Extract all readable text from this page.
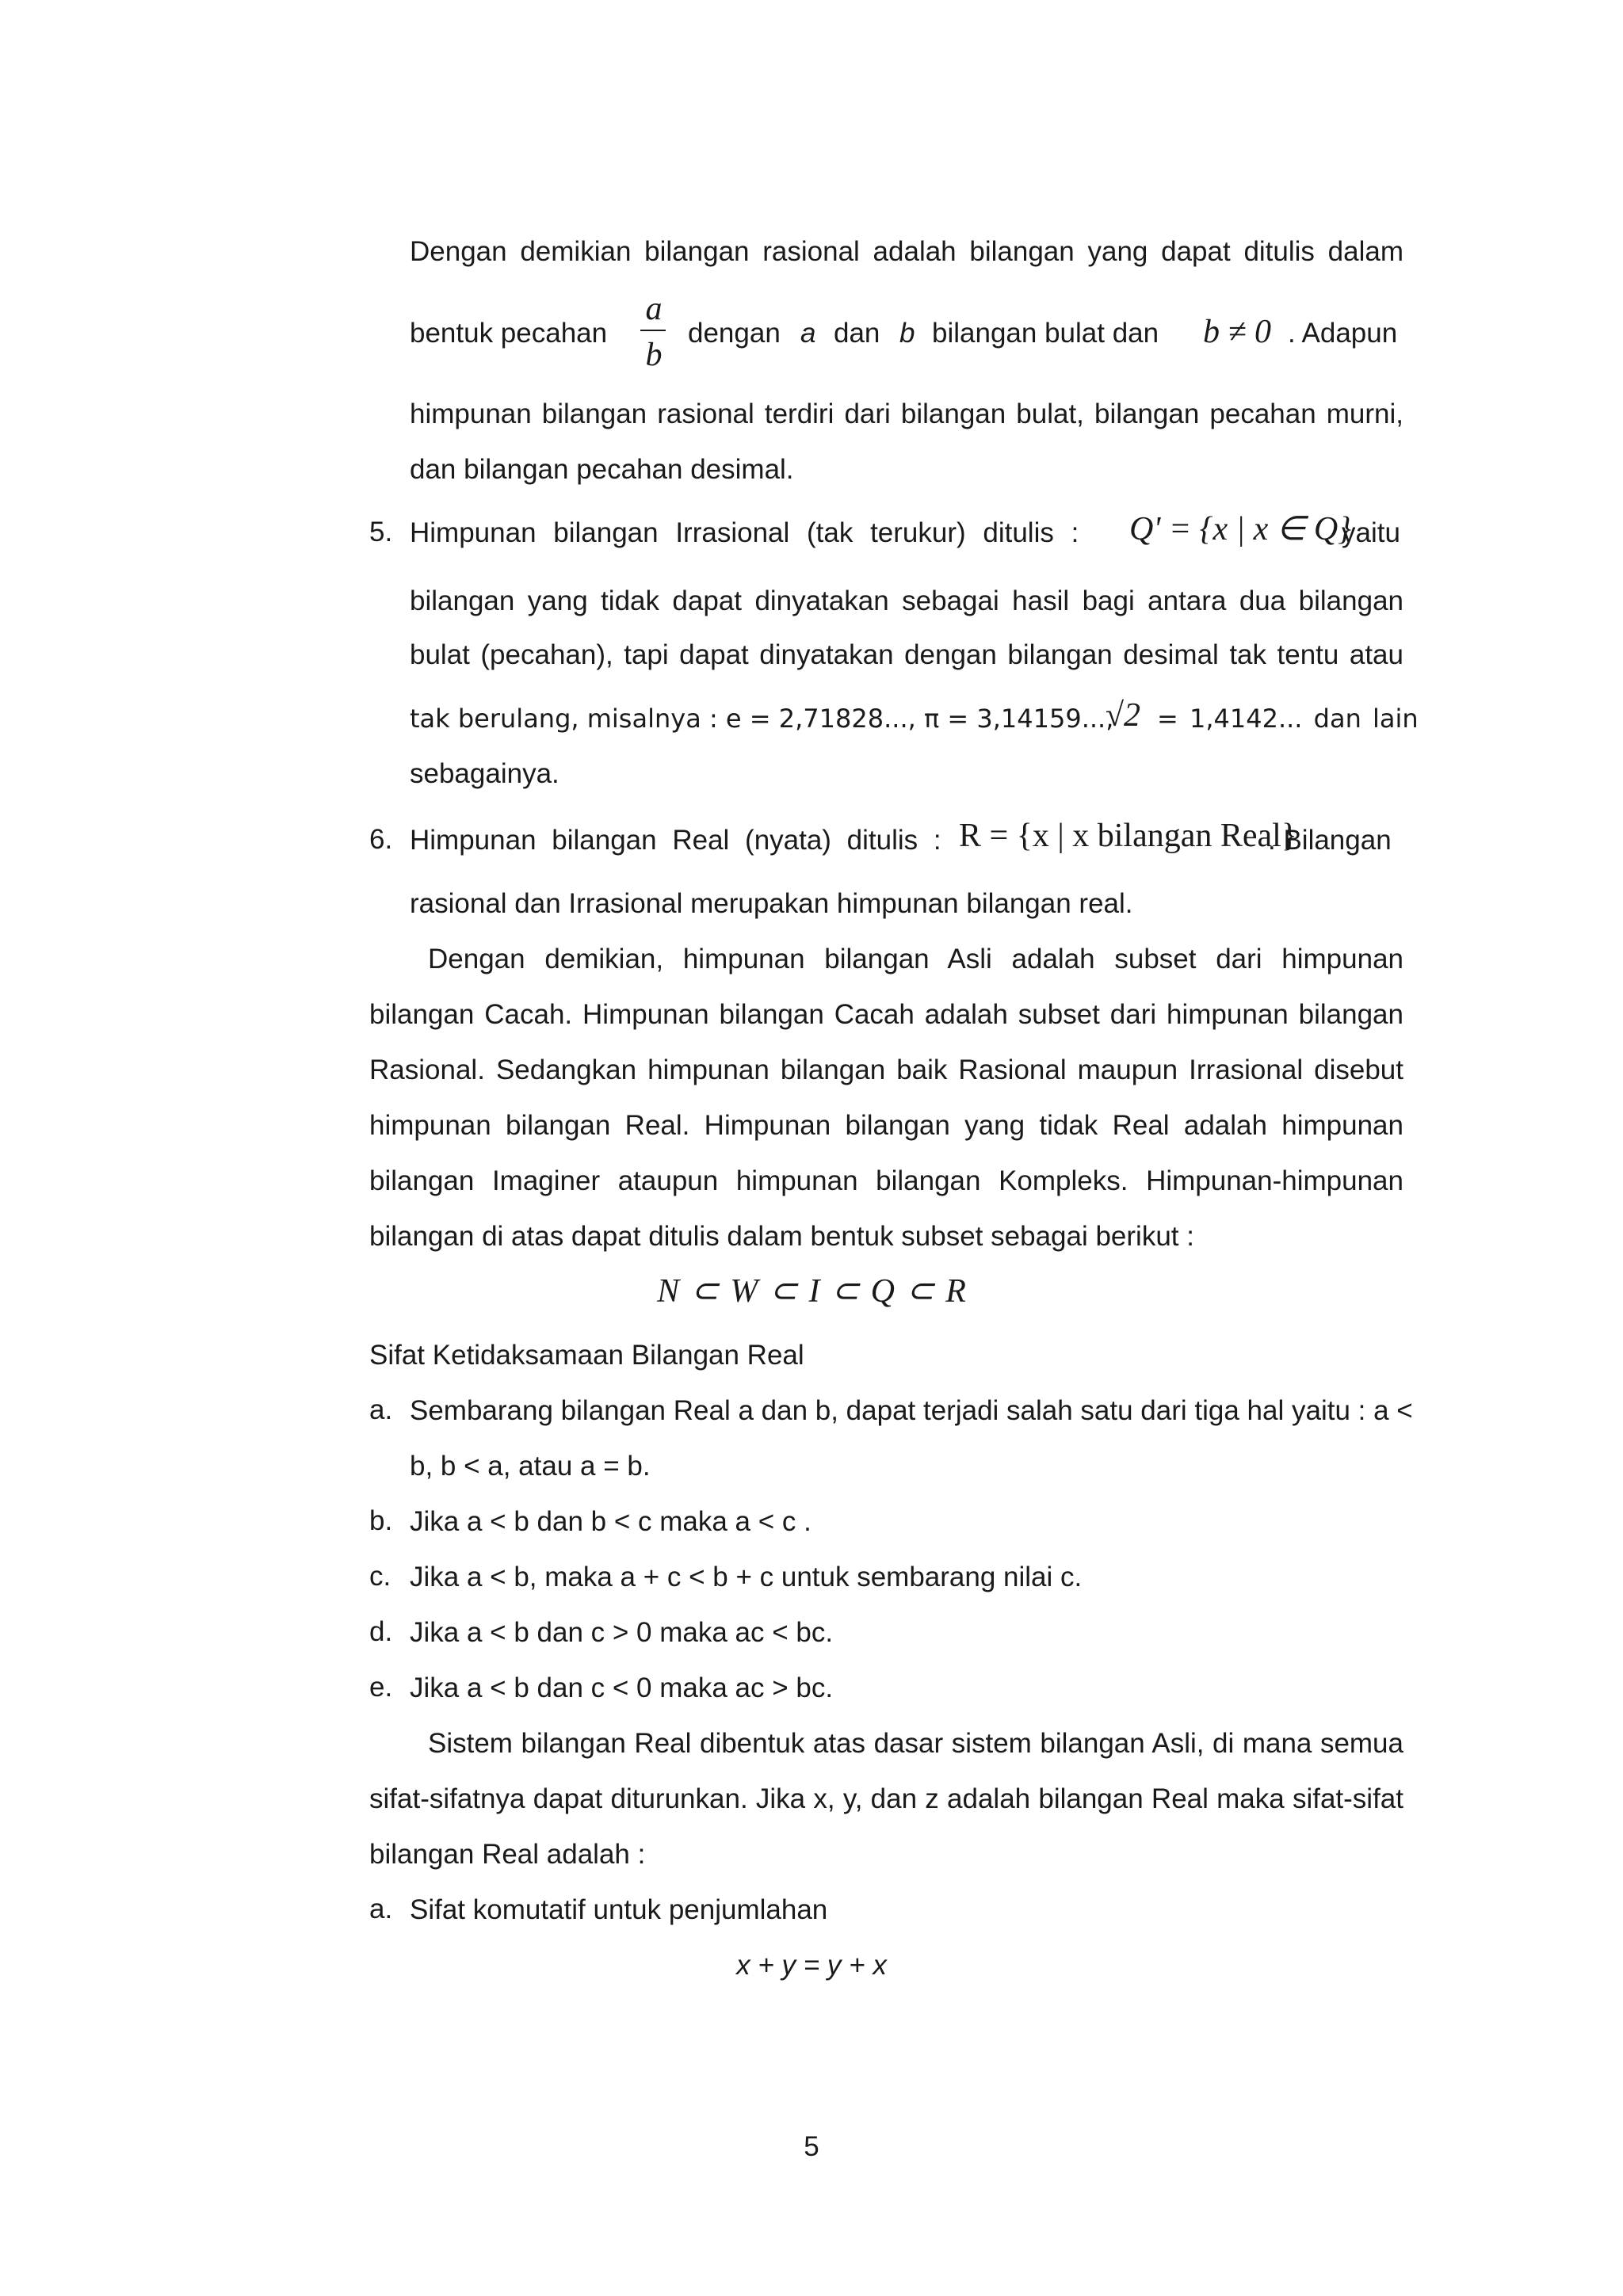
Dengan demikian bilangan rasional adalah bilangan yang dapat ditulis dalam
bentuk pecahan
a
b
dengan a dan b bilangan bulat dan b ≠ 0 . Adapun
himpunan bilangan rasional terdiri dari bilangan bulat, bilangan pecahan murni,
dan bilangan pecahan desimal.
5. Himpunan bilangan Irrasional (tak terukur) ditulis : Q' = {x | x ∈ Q}
yaitu
bilangan yang tidak dapat dinyatakan sebagai hasil bagi antara dua bilangan
bulat (pecahan), tapi dapat dinyatakan dengan bilangan desimal tak tentu atau
tak berulang, misalnya : e = 2,71828..., π = 3,14159...,
√2 = 1,4142... dan lain
sebagainya.
6. Himpunan bilangan Real (nyata) ditulis : R = {x | x bilangan Real}
. Bilangan
rasional dan Irrasional merupakan himpunan bilangan real.
Dengan demikian, himpunan bilangan Asli adalah subset dari himpunan
bilangan Cacah. Himpunan bilangan Cacah adalah subset dari himpunan bilangan
Rasional. Sedangkan himpunan bilangan baik Rasional maupun Irrasional disebut
himpunan bilangan Real. Himpunan bilangan yang tidak Real adalah himpunan
bilangan Imaginer ataupun himpunan bilangan Kompleks. Himpunan-himpunan
bilangan di atas dapat ditulis dalam bentuk subset sebagai berikut :
N ⊂ W ⊂ I ⊂ Q ⊂ R
Sifat Ketidaksamaan Bilangan Real
a. Sembarang bilangan Real a dan b, dapat terjadi salah satu dari tiga hal yaitu : a <
b, b < a, atau a = b.
b. Jika a < b dan b < c maka a < c .
c. Jika a < b, maka a + c < b + c untuk sembarang nilai c.
d. Jika a < b dan c > 0 maka ac < bc.
e. Jika a < b dan c < 0 maka ac > bc.
Sistem bilangan Real dibentuk atas dasar sistem bilangan Asli, di mana semua
sifat-sifatnya dapat diturunkan. Jika x, y, dan z adalah bilangan Real maka sifat-sifat
bilangan Real adalah :
a. Sifat komutatif untuk penjumlahan
x + y = y + x
5
